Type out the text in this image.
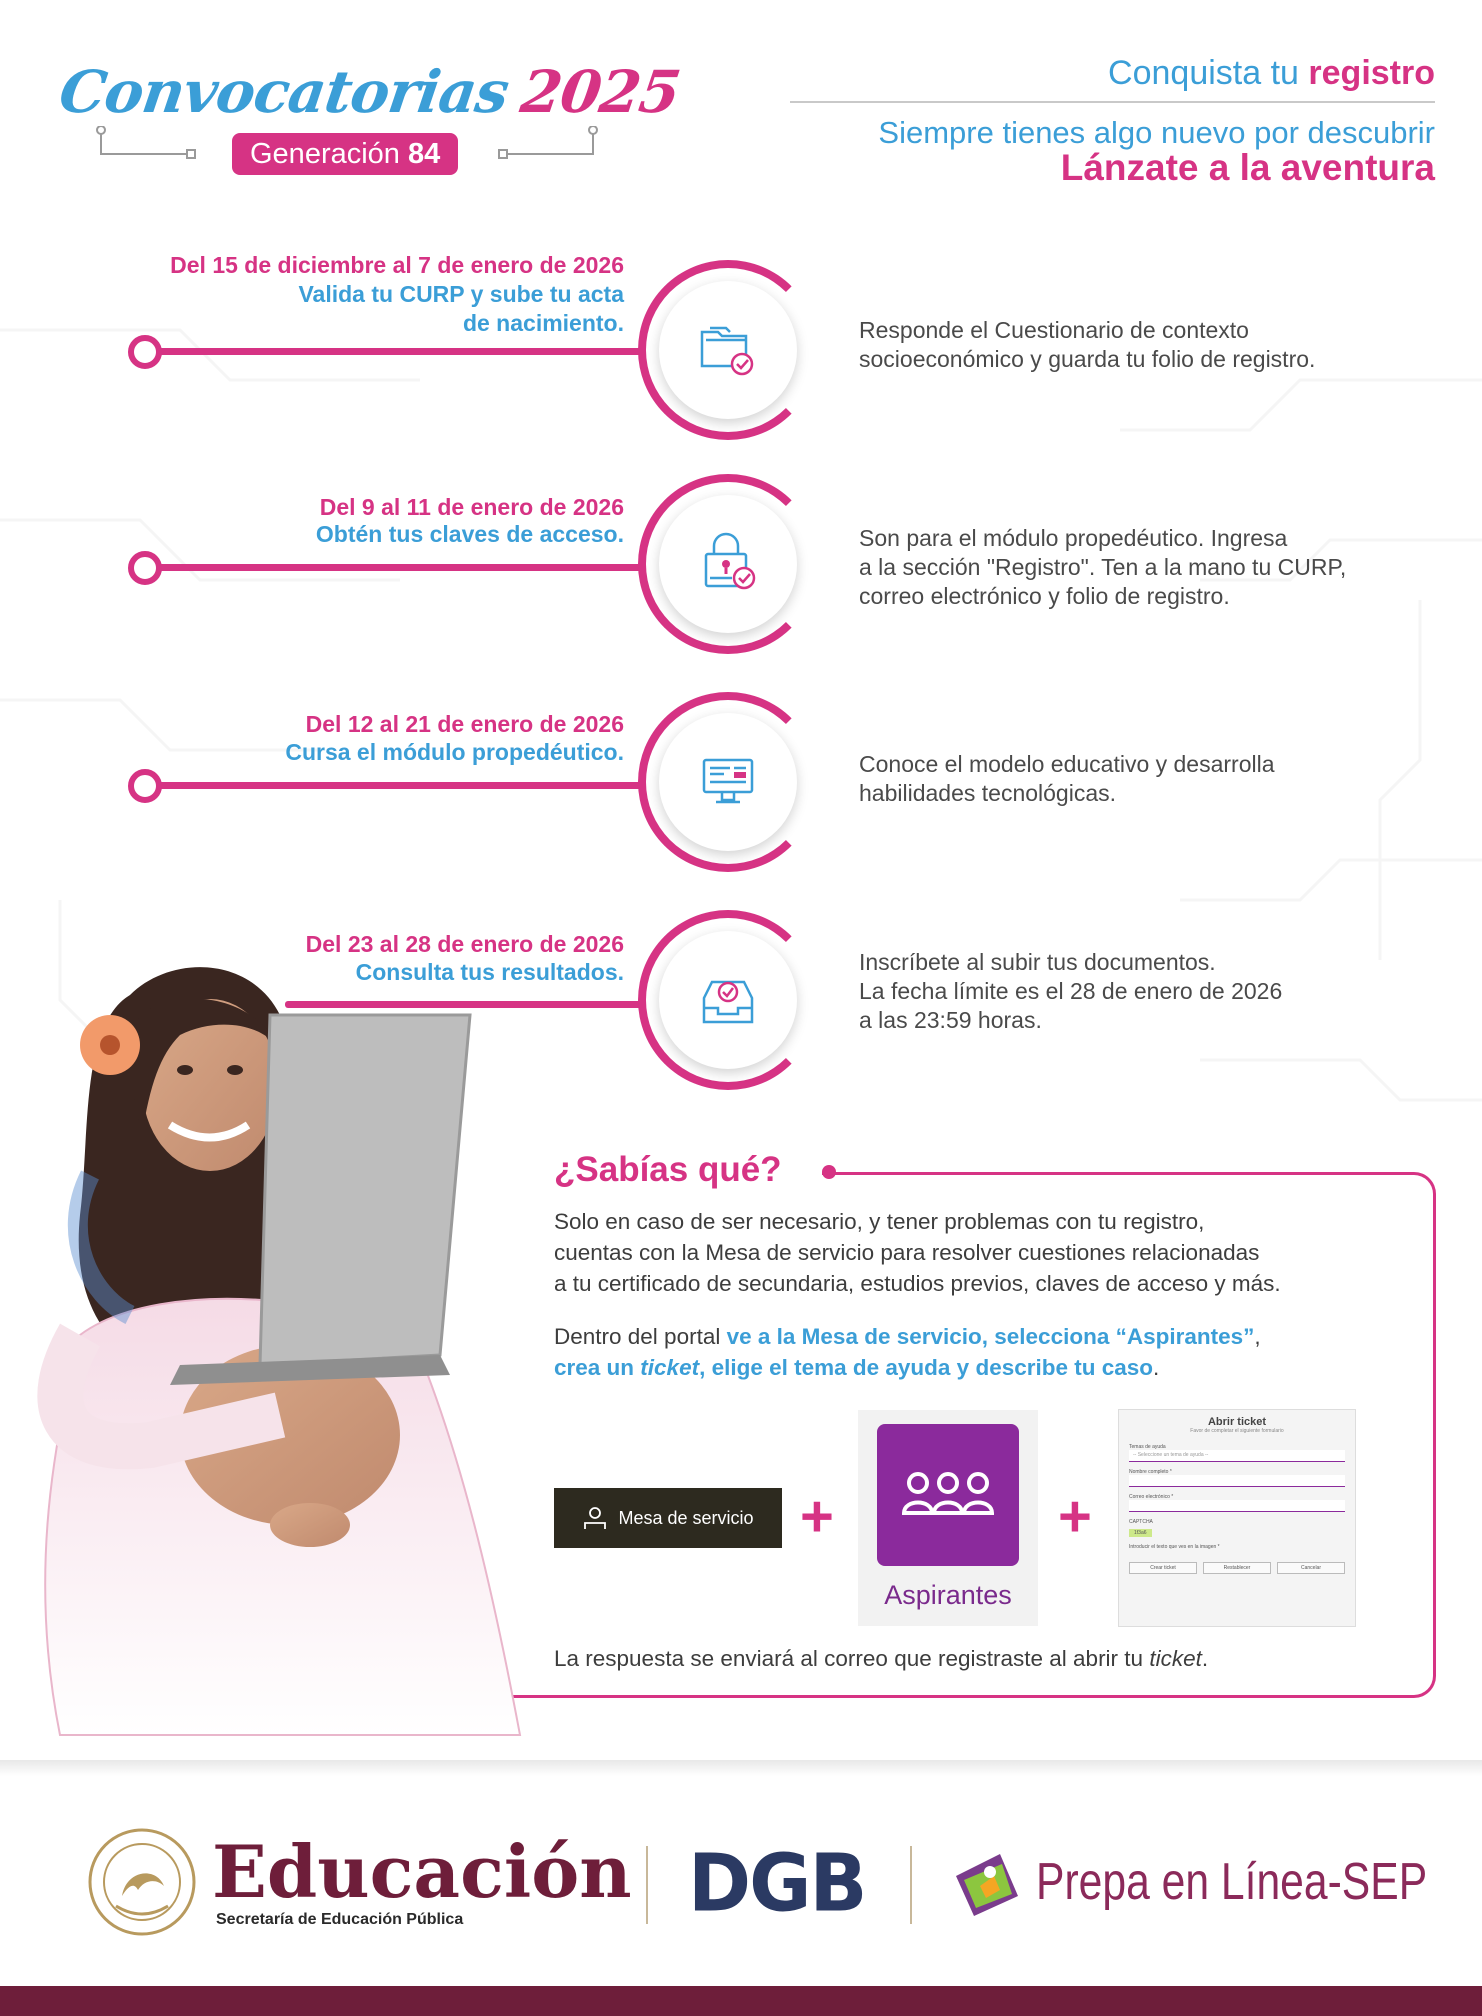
Convocatorias2025
Generación 84
Conquista tu registro
Siempre tienes algo nuevo por descubrir
Lánzate a la aventura
Del 15 de diciembre al 7 de enero de 2026
Valida tu CURP y sube tu acta
de nacimiento.	Responde el Cuestionario de contexto
socioeconómico y guarda tu folio de registro.
Del 9 al 11 de enero de 2026
Obtén tus claves de acceso.	Son para el módulo propedéutico. Ingresa
a la sección "Registro". Ten a la mano tu CURP,
correo electrónico y folio de registro.
Del 12 al 21 de enero de 2026
Cursa el módulo propedéutico.	Conoce el modelo educativo y desarrolla
habilidades tecnológicas.
Del 23 al 28 de enero de 2026
Consulta tus resultados.	Inscríbete al subir tus documentos.
La fecha límite es el 28 de enero de 2026
a las 23:59 horas.
¿Sabías qué?
Solo en caso de ser necesario, y tener problemas con tu registro,
cuentas con la Mesa de servicio para resolver cuestiones relacionadas
a tu certificado de secundaria, estudios previos, claves de acceso y más.
Dentro del portal ve a la Mesa de servicio, selecciona “Aspirantes”,
crea un ticket, elige el tema de ayuda y describe tu caso.
Mesa de servicio +
Aspirantes
+
Abrir ticket
Favor de completar el siguiente formulario
Temas de ayuda
-- Seleccione un tema de ayuda --
Nombre completo *
Correo electrónico *
CAPTCHA
1f3a6
Introducir el texto que ves en la imagen *
Crear ticket	Restablecer	Cancelar
La respuesta se enviará al correo que registraste al abrir tu ticket.
Educación
Secretaría de Educación Pública	DGB	Prepa en Línea-SEP
